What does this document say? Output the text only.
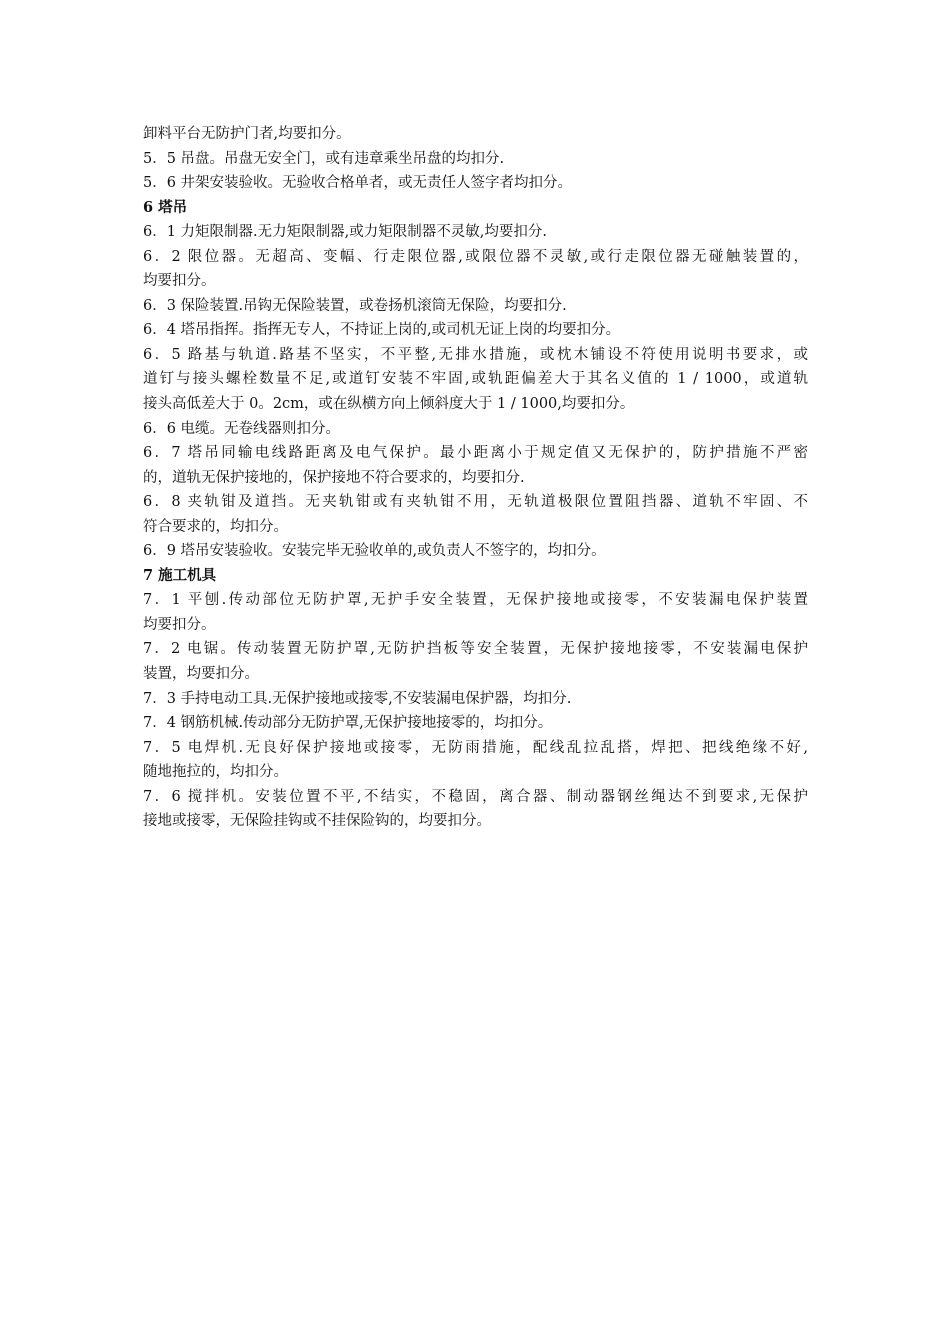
卸料平台无防护门者,均要扣分。
5．5 吊盘。吊盘无安全门，或有违章乘坐吊盘的均扣分.
5．6 井架安装验收。无验收合格单者，或无责任人签字者均扣分。
6 塔吊
6．1 力矩限制器.无力矩限制器,或力矩限制器不灵敏,均要扣分.
6．2 限位器。无超高、变幅、行走限位器,或限位器不灵敏,或行走限位器无碰触装置的，
均要扣分。
6．3 保险装置.吊钩无保险装置，或卷扬机滚筒无保险，均要扣分.
6．4 塔吊指挥。指挥无专人，不持证上岗的,或司机无证上岗的均要扣分。
6．5 路基与轨道.路基不坚实，不平整,无排水措施，或枕木铺设不符使用说明书要求，或
道钉与接头螺栓数量不足,或道钉安装不牢固,或轨距偏差大于其名义值的 1 / 1000，或道轨
接头高低差大于 0。2cm，或在纵横方向上倾斜度大于 1 / 1000,均要扣分。
6．6 电缆。无卷线器则扣分。
6．7 塔吊同输电线路距离及电气保护。最小距离小于规定值又无保护的，防护措施不严密
的，道轨无保护接地的，保护接地不符合要求的，均要扣分.
6．8 夹轨钳及道挡。无夹轨钳或有夹轨钳不用，无轨道极限位置阻挡器、道轨不牢固、不
符合要求的，均扣分。
6．9 塔吊安装验收。安装完毕无验收单的,或负责人不签字的，均扣分。
7 施工机具
7．1 平刨.传动部位无防护罩,无护手安全装置，无保护接地或接零，不安装漏电保护装置
均要扣分。
7．2 电锯。传动装置无防护罩,无防护挡板等安全装置，无保护接地接零，不安装漏电保护
装置，均要扣分。
7．3 手持电动工具.无保护接地或接零,不安装漏电保护器，均扣分.
7．4 钢筋机械.传动部分无防护罩,无保护接地接零的，均扣分。
7．5 电焊机.无良好保护接地或接零，无防雨措施，配线乱拉乱搭，焊把、把线绝缘不好,
随地拖拉的，均扣分。
7．6 搅拌机。安装位置不平,不结实，不稳固，离合器、制动器钢丝绳达不到要求,无保护
接地或接零，无保险挂钩或不挂保险钩的，均要扣分。
